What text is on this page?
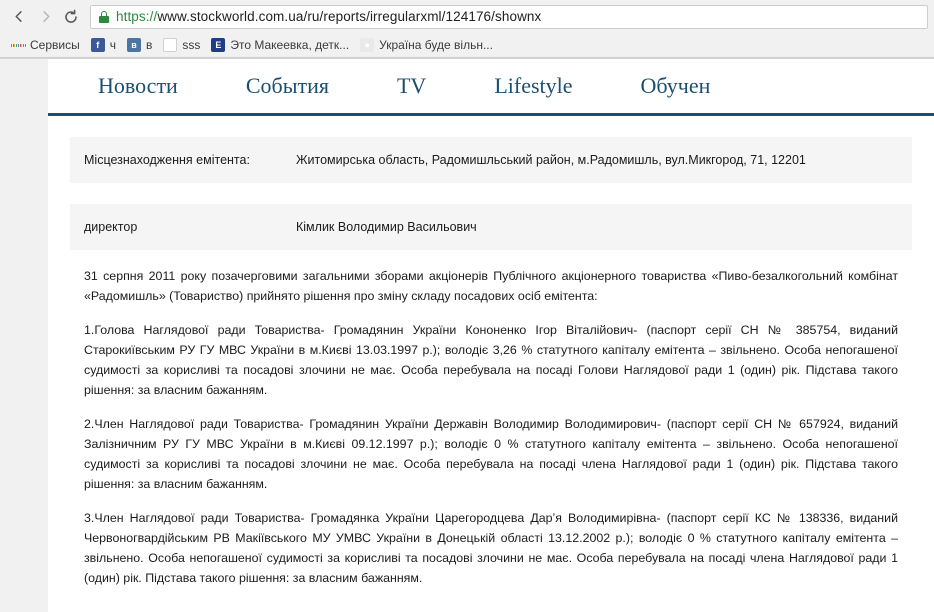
https://www.stockworld.com.ua/ru/reports/irregularxml/124176/shownx
Сервисы	f ч	в в	s sss	E Это Макеевка, детк...	● Україна буде вільн...
Новости	События	TV	Lifestyle	Обучен
Місцезнаходження емітента:	Житомирська область, Радомишльський район, м.Радомишль, вул.Микгород, 71, 12201
директор	Кімлик Володимир Васильович

31 серпня 2011 року позачерговими загальними зборами акціонерів Публічного акціонерного товариства «Пиво-безалкогольний комбінат «Радомишль» (Товариство) прийнято рішення про зміну складу посадових осіб емітента:

1.Голова Наглядової ради Товариства- Громадянин України Кононенко Ігор Віталійович- (паспорт серії СН № 385754, виданий Старокиївським РУ ГУ МВС України в м.Києві 13.03.1997 р.); володіє 3,26 % статутного капіталу емітента – звільнено. Особа непогашеної судимості за корисливі та посадові злочини не має. Особа перебувала на посаді Голови Наглядової ради 1 (один) рік. Підстава такого рішення: за власним бажанням.

2.Член Наглядової ради Товариства- Громадянин України Державін Володимир Володимирович- (паспорт серії СН № 657924, виданий Залізничним РУ ГУ МВС України в м.Києві 09.12.1997 р.); володіє 0 % статутного капіталу емітента – звільнено. Особа непогашеної судимості за корисливі та посадові злочини не має. Особа перебувала на посаді члена Наглядової ради 1 (один) рік. Підстава такого рішення: за власним бажанням.

3.Член Наглядової ради Товариства- Громадянка України Царегородцева Дарʼя Володимирівна- (паспорт серії КС № 138336, виданий Червоногвардійським РВ Макіївського МУ УМВС України в Донецькій області 13.12.2002 р.); володіє 0 % статутного капіталу емітента – звільнено. Особа непогашеної судимості за корисливі та посадові злочини не має. Особа перебувала на посаді члена Наглядової ради 1 (один) рік. Підстава такого рішення: за власним бажанням.
